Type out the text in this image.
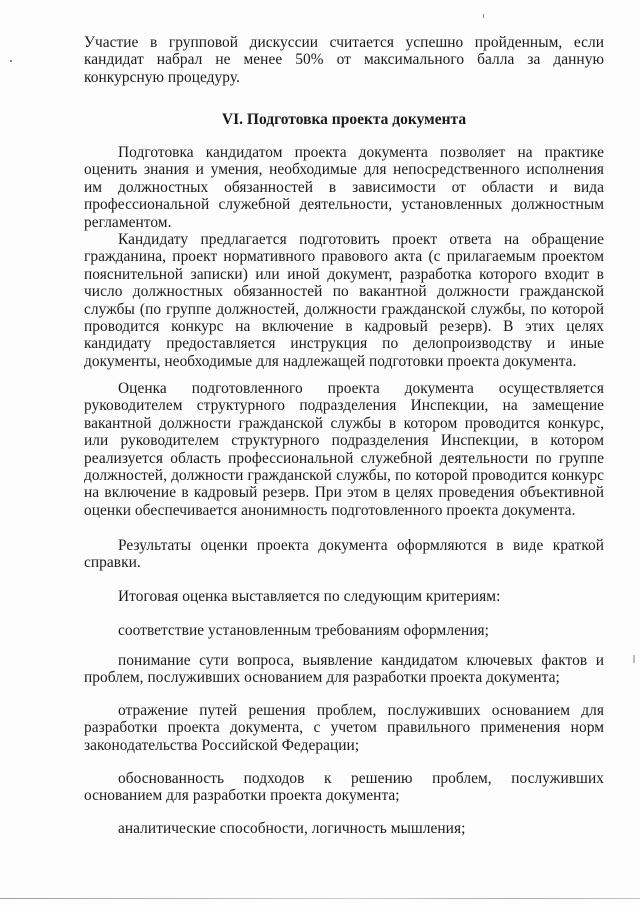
Участие в групповой дискуссии считается успешно пройденным, если кандидат набрал не менее 50% от максимального балла за данную конкурсную процедуру.

VI. Подготовка проекта документа

Подготовка кандидатом проекта документа позволяет на практике оценить знания и умения, необходимые для непосредственного исполнения им должностных обязанностей в зависимости от области и вида профессиональной служебной деятельности, установленных должностным регламентом.

Кандидату предлагается подготовить проект ответа на обращение гражданина, проект нормативного правового акта (с прилагаемым проектом пояснительной записки) или иной документ, разработка которого входит в число должностных обязанностей по вакантной должности гражданской службы (по группе должностей, должности гражданской службы, по которой проводится конкурс на включение в кадровый резерв). В этих целях кандидату предоставляется инструкция по делопроизводству и иные документы, необходимые для надлежащей подготовки проекта документа.

Оценка подготовленного проекта документа осуществляется руководителем структурного подразделения Инспекции, на замещение вакантной должности гражданской службы в котором проводится конкурс, или руководителем структурного подразделения Инспекции, в котором реализуется область профессиональной служебной деятельности по группе должностей, должности гражданской службы, по которой проводится конкурс на включение в кадровый резерв. При этом в целях проведения объективной оценки обеспечивается анонимность подготовленного проекта документа.

Результаты оценки проекта документа оформляются в виде краткой справки.

Итоговая оценка выставляется по следующим критериям:

соответствие установленным требованиям оформления;

понимание сути вопроса, выявление кандидатом ключевых фактов и проблем, послуживших основанием для разработки проекта документа;

отражение путей решения проблем, послуживших основанием для разработки проекта документа, с учетом правильного применения норм законодательства Российской Федерации;

обоснованность подходов к решению проблем, послуживших основанием для разработки проекта документа;

аналитические способности, логичность мышления;
